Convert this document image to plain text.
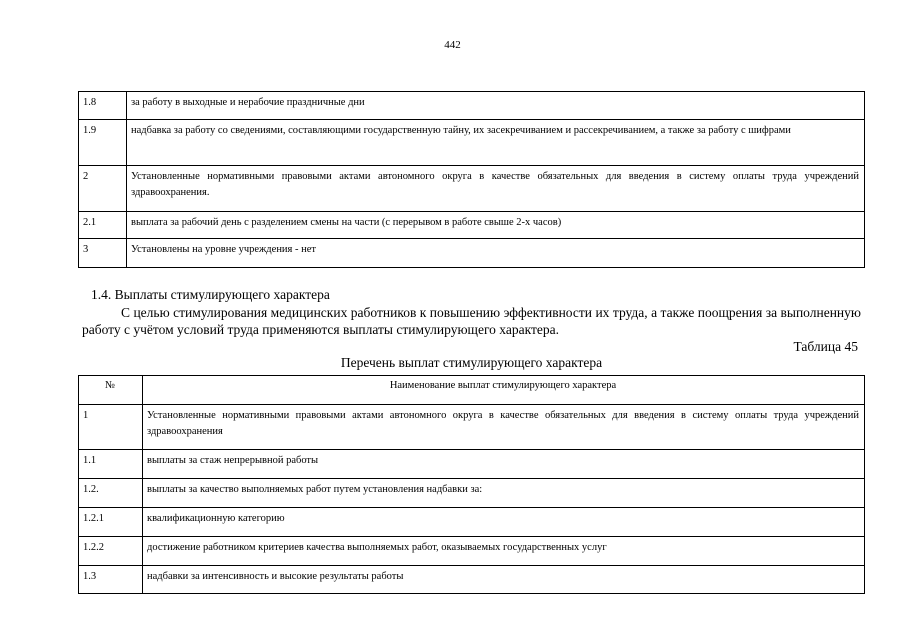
442
1.8	за работу в выходные и нерабочие праздничные дни
1.9	надбавка за работу со сведениями, составляющими государственную тайну, их засекречиванием и рассекречиванием, а также за работу с шифрами
2	Установленные нормативными правовыми актами автономного округа в качестве обязательных для введения в систему оплаты труда учреждений здравоохранения.
2.1	выплата за рабочий день с разделением смены на части (с перерывом в работе свыше 2-х часов)
3	Установлены на уровне учреждения - нет
1.4. Выплаты стимулирующего характера
С целью стимулирования медицинских работников к повышению эффективности их труда, а также поощрения за выполненную работу с учётом условий труда применяются выплаты стимулирующего характера.
Таблица 45
Перечень выплат стимулирующего характера
№	Наименование выплат стимулирующего характера
1	Установленные нормативными правовыми актами автономного округа в качестве обязательных для введения в систему оплаты труда учреждений здравоохранения
1.1	выплаты за стаж непрерывной работы
1.2.	выплаты за качество выполняемых работ путем установления надбавки за:
1.2.1	квалификационную категорию
1.2.2	достижение работником критериев качества выполняемых работ, оказываемых государственных услуг
1.3	надбавки за интенсивность и высокие результаты работы
